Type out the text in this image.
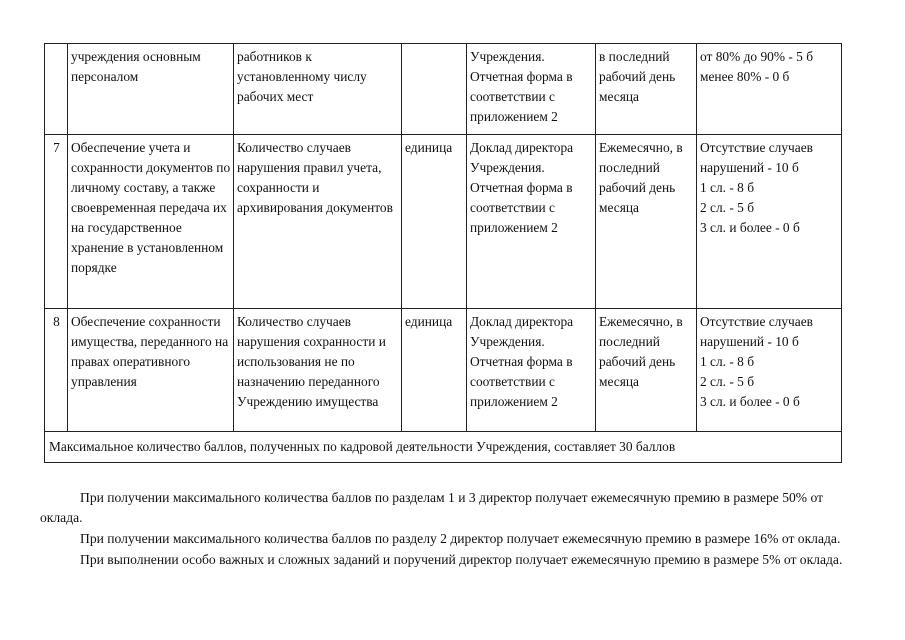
	учреждения основным персоналом	работников к установленному числу рабочих мест		Учреждения. Отчетная форма в соответствии с приложением 2	в последний рабочий день месяца	от 80% до 90% - 5 б
менее 80% - 0 б

7	Обеспечение учета и сохранности документов по личному составу, а также своевременная передача их на государственное хранение в установленном порядке	Количество случаев нарушения правил учета, сохранности и архивирования документов	единица	Доклад директора Учреждения. Отчетная форма в соответствии с приложением 2	Ежемесячно, в последний рабочий день месяца	Отсутствие случаев нарушений - 10 б
1 сл. - 8 б
2 сл. - 5 б
3 сл. и более - 0 б

8	Обеспечение сохранности имущества, переданного на правах оперативного управления	Количество случаев нарушения сохранности и использования не по назначению переданного Учреждению имущества	единица	Доклад директора Учреждения. Отчетная форма в соответствии с приложением 2	Ежемесячно, в последний рабочий день месяца	Отсутствие случаев нарушений - 10 б
1 сл. - 8 б
2 сл. - 5 б
3 сл. и более - 0 б

Максимальное количество баллов, полученных по кадровой деятельности Учреждения, составляет 30 баллов						

При получении максимального количества баллов по разделам 1 и 3 директор получает ежемесячную премию в размере 50% от оклада.

При получении максимального количества баллов по разделу 2 директор получает ежемесячную премию в размере 16% от оклада.

При выполнении особо важных и сложных заданий и поручений директор получает ежемесячную премию в размере 5% от оклада.
